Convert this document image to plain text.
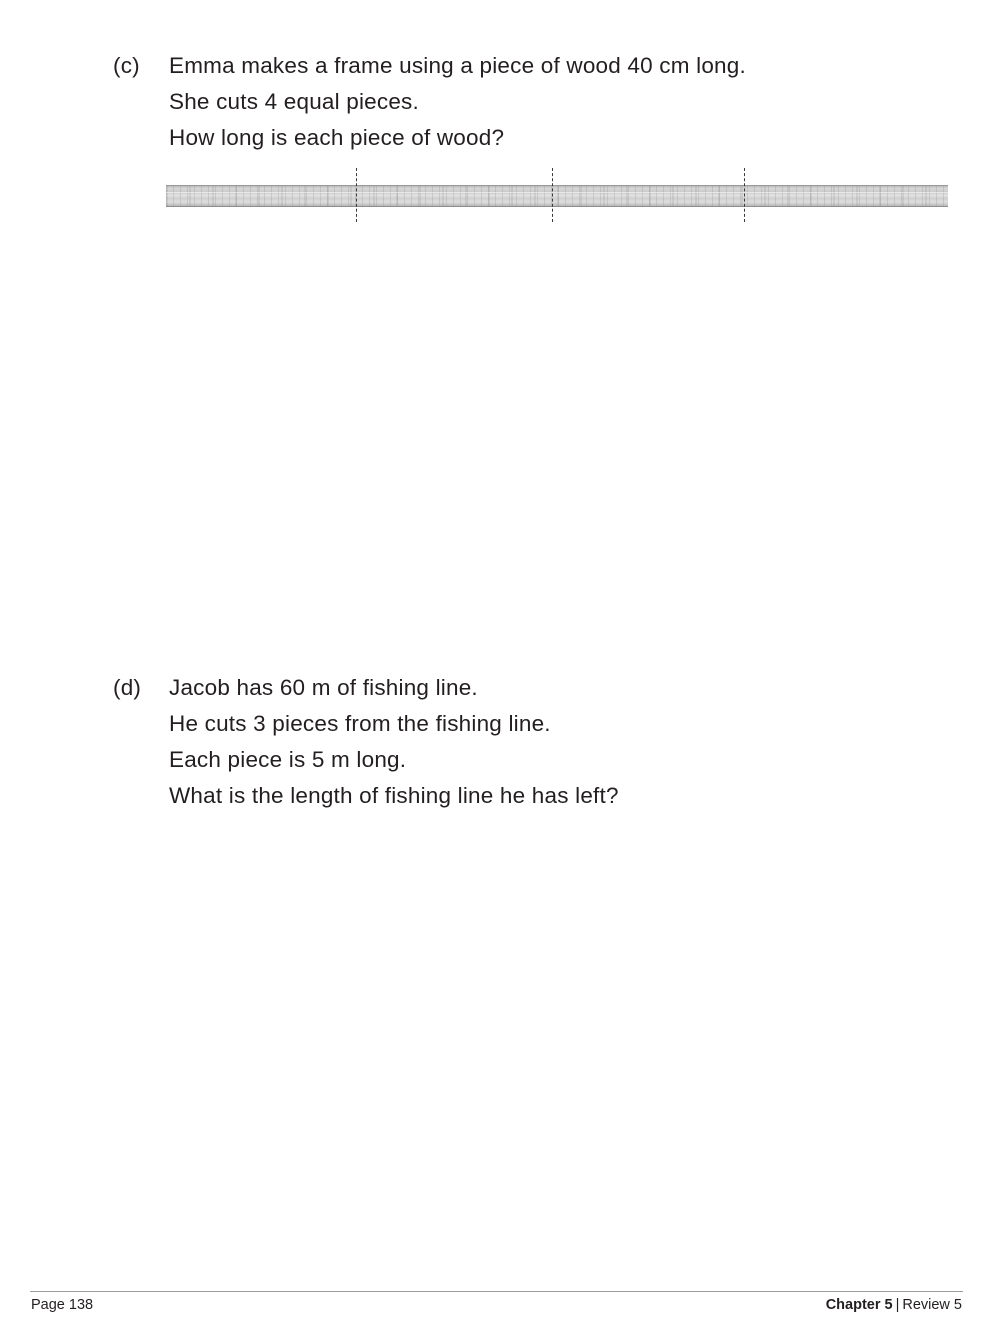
(c)	Emma makes a frame using a piece of wood 40 cm long.
She cuts 4 equal pieces.
How long is each piece of wood?
(d)	Jacob has 60 m of fishing line.
He cuts 3 pieces from the fishing line.
Each piece is 5 m long.
What is the length of fishing line he has left?
Page 138	Chapter 5 | Review 5
